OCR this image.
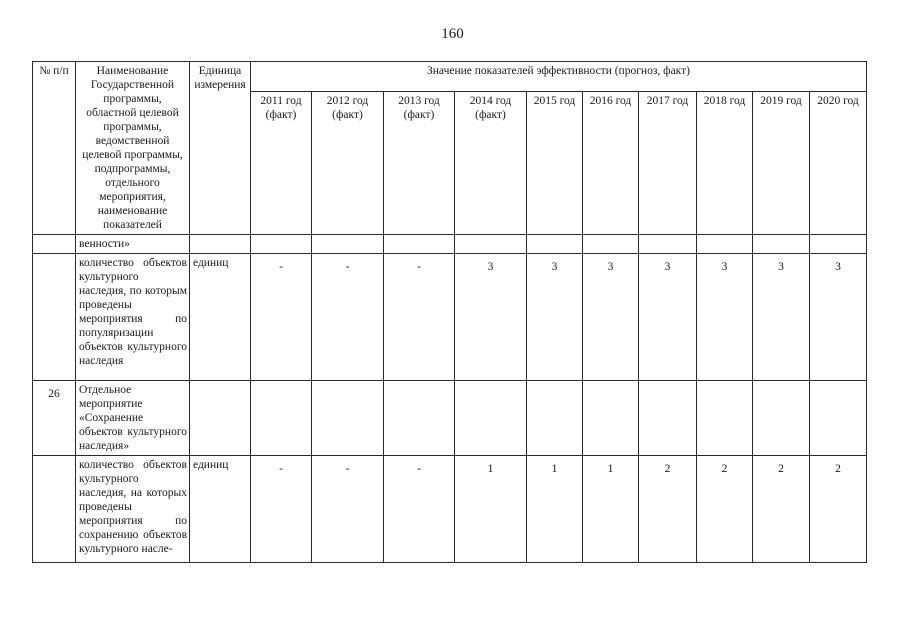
160
№ п/п	Наименование Государственной программы, областной целевой программы, ведомственной целевой программы, подпрограммы, отдельного мероприятия, наименование показателей	Единица измерения	Значение показателей эффективности (прогноз, факт)									
			2011 год (факт)	2012 год (факт)	2013 год (факт)	2014 год (факт)	2015 год	2016 год	2017 год	2018 год	2019 год	2020 год
	венности»											
	количество объектов культурного наследия, по которым проведены мероприятия по популяризации объектов культурного наследия	единиц	-	-	-	3	3	3	3	3	3	3
26	Отдельное мероприятие «Сохранение объектов культурного наследия»											
	количество объектов культурного наследия, на которых проведены мероприятия по сохранению объектов культурного насле-	единиц	-	-	-	1	1	1	2	2	2	2
